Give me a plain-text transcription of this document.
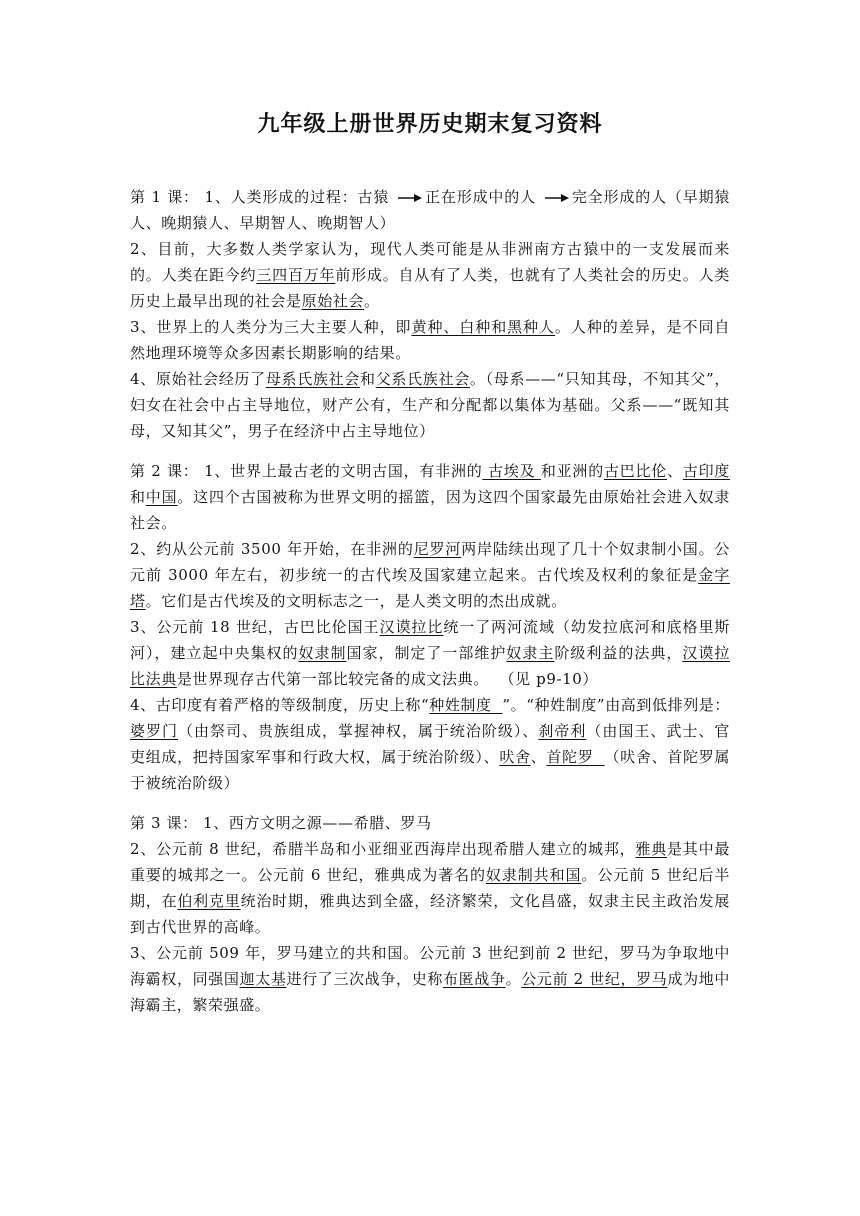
九年级上册世界历史期末复习资料

第 1 课： 1、人类形成的过程：古猿 正在形成中的人 完全形成的人（早期猿人、晚期猿人、早期智人、晚期智人）

2、目前，大多数人类学家认为，现代人类可能是从非洲南方古猿中的一支发展而来的。人类在距今约三四百万年前形成。自从有了人类，也就有了人类社会的历史。人类历史上最早出现的社会是原始社会。

3、世界上的人类分为三大主要人种，即黄种、白种和黑种人。人种的差异，是不同自然地理环境等众多因素长期影响的结果。

4、原始社会经历了母系氏族社会和父系氏族社会。（母系——“只知其母，不知其父”，妇女在社会中占主导地位，财产公有，生产和分配都以集体为基础。父系——“既知其母，又知其父”，男子在经济中占主导地位）

第 2 课： 1、世界上最古老的文明古国，有非洲的 古埃及 和亚洲的古巴比伦、古印度和中国。这四个古国被称为世界文明的摇篮，因为这四个国家最先由原始社会进入奴隶社会。

2、约从公元前 3500 年开始，在非洲的尼罗河两岸陆续出现了几十个奴隶制小国。公元前 3000 年左右，初步统一的古代埃及国家建立起来。古代埃及权利的象征是金字塔。它们是古代埃及的文明标志之一，是人类文明的杰出成就。

3、公元前 18 世纪，古巴比伦国王汉谟拉比统一了两河流域（幼发拉底河和底格里斯河），建立起中央集权的奴隶制国家，制定了一部维护奴隶主阶级利益的法典，汉谟拉比法典是世界现存古代第一部比较完备的成文法典。  （见 p9-10）

4、古印度有着严格的等级制度，历史上称“种姓制度  ”。“种姓制度”由高到低排列是：婆罗门（由祭司、贵族组成，掌握神权，属于统治阶级）、刹帝利（由国王、武士、官吏组成，把持国家军事和行政大权，属于统治阶级）、吠舍、首陀罗  （吠舍、首陀罗属于被统治阶级）

第 3 课： 1、西方文明之源——希腊、罗马

2、公元前 8 世纪，希腊半岛和小亚细亚西海岸出现希腊人建立的城邦，雅典是其中最重要的城邦之一。公元前 6 世纪，雅典成为著名的奴隶制共和国。公元前 5 世纪后半期，在伯利克里统治时期，雅典达到全盛，经济繁荣，文化昌盛，奴隶主民主政治发展到古代世界的高峰。

3、公元前 509 年，罗马建立的共和国。公元前 3 世纪到前 2 世纪，罗马为争取地中海霸权，同强国迦太基进行了三次战争，史称布匿战争。公元前 2 世纪，罗马成为地中海霸主，繁荣强盛。
